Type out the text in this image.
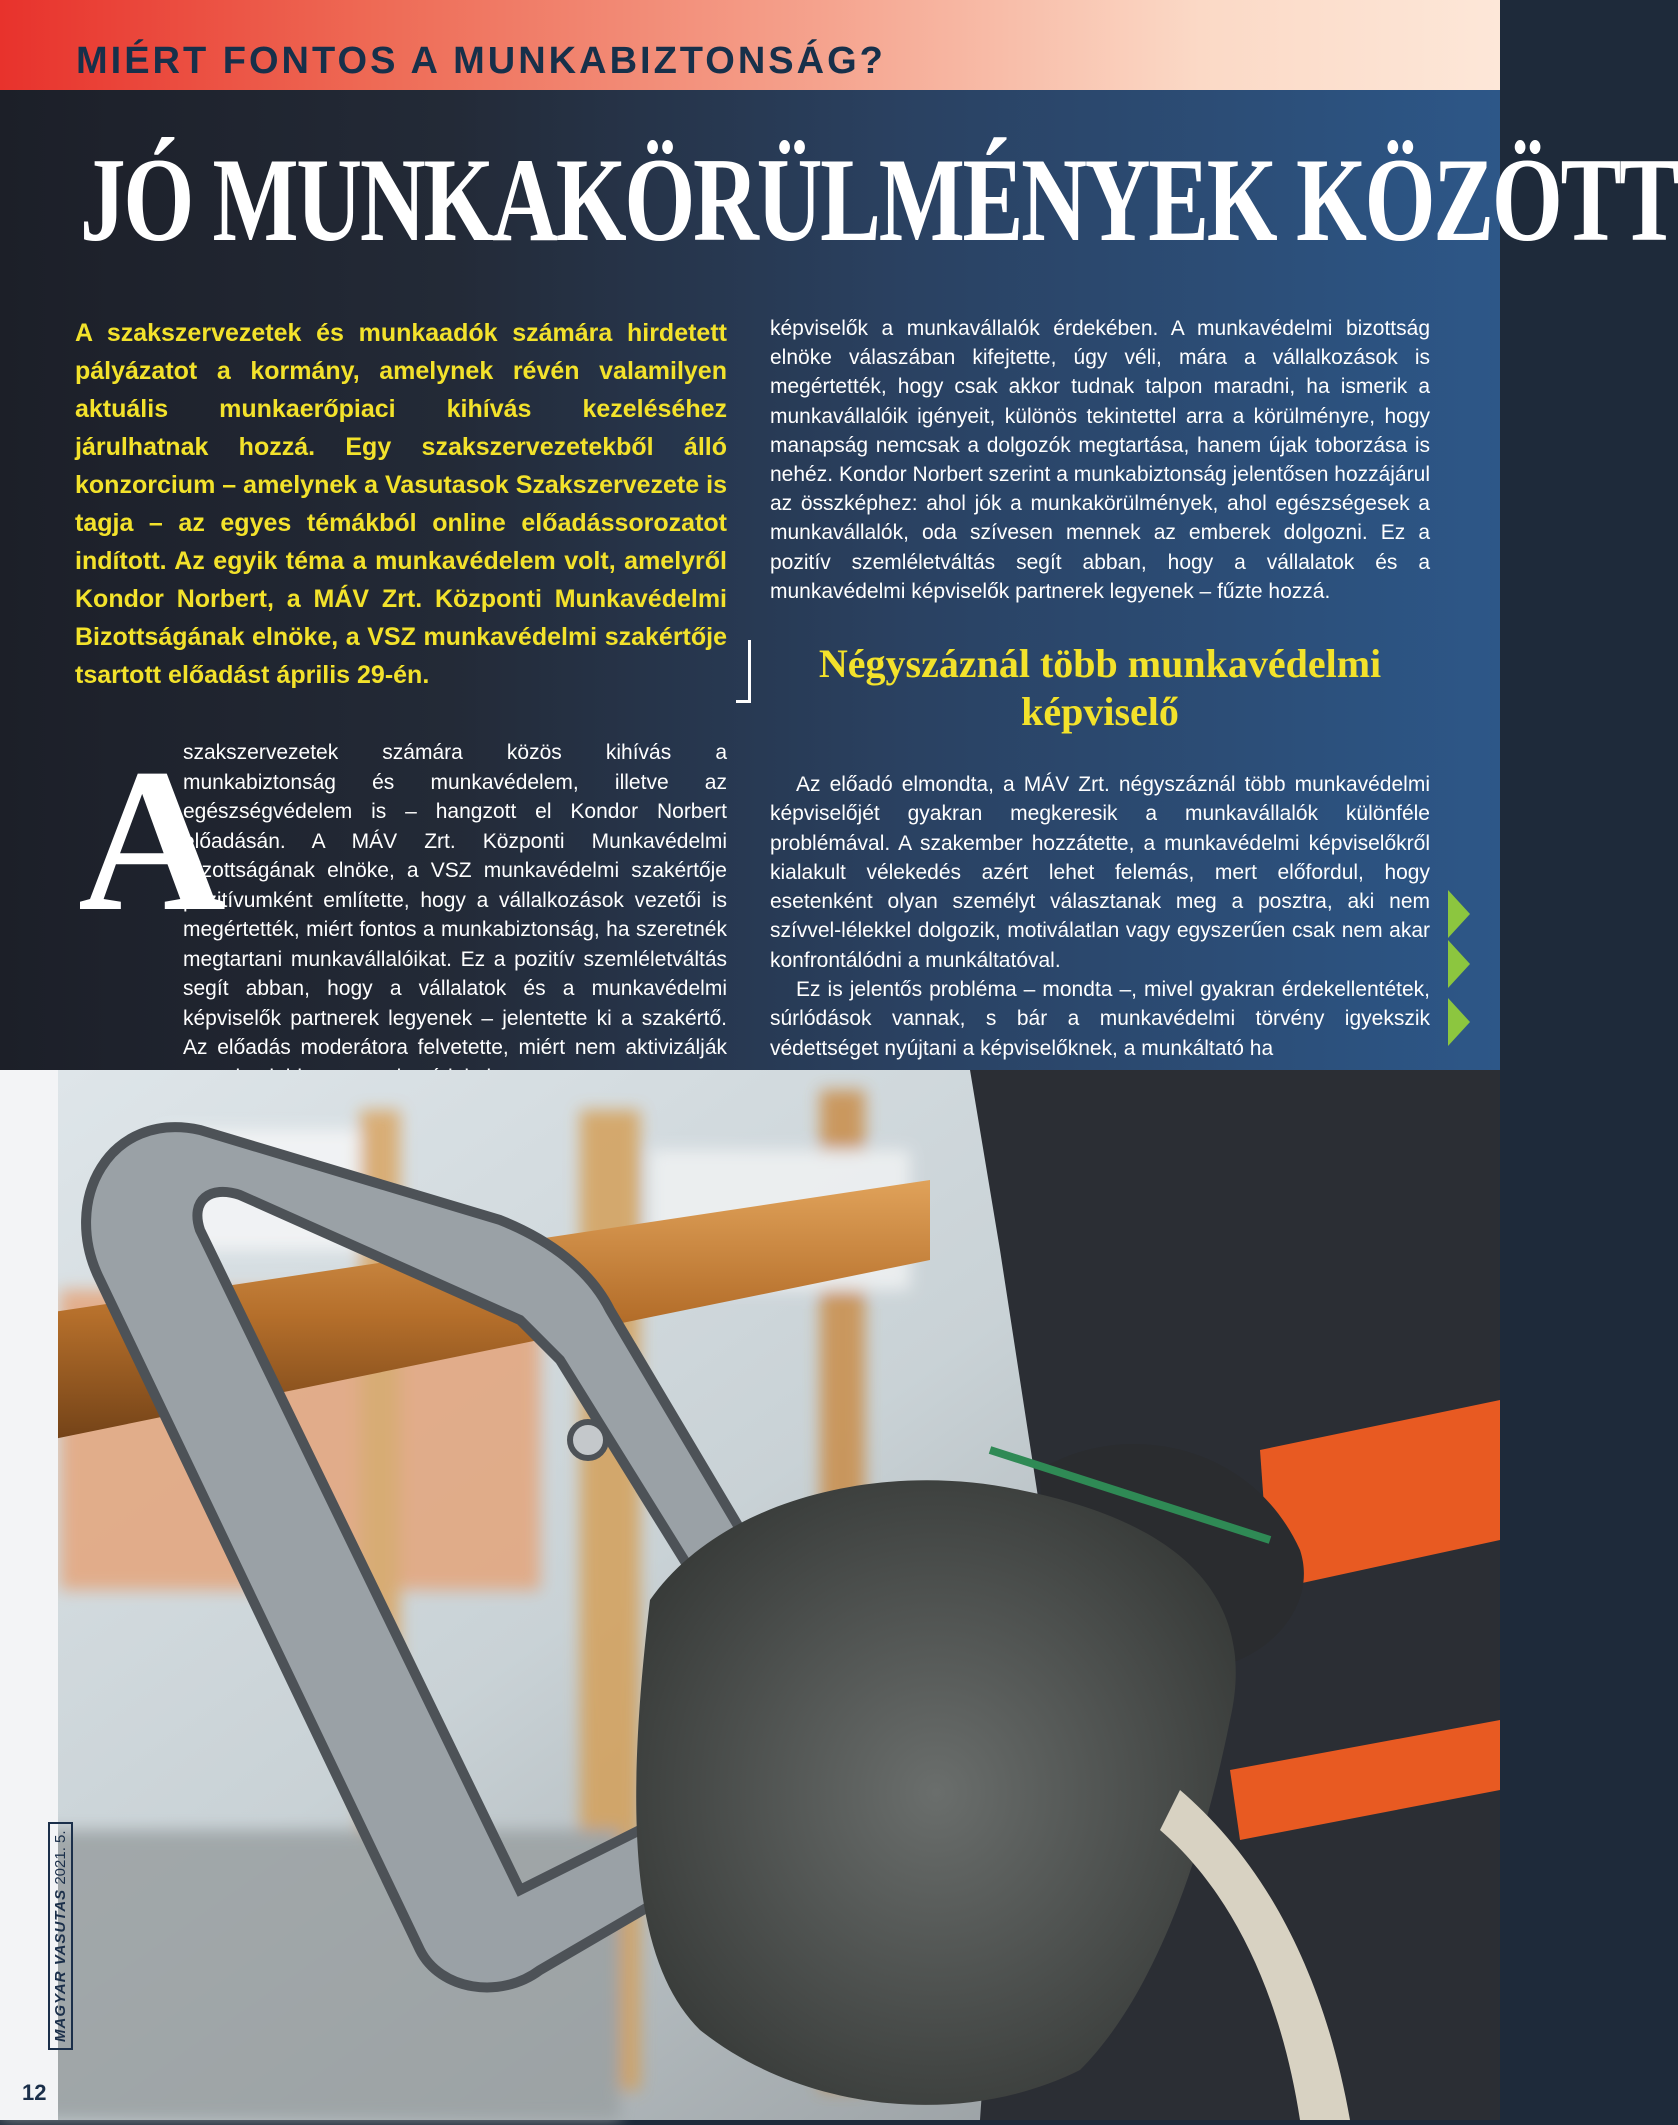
MIÉRT FONTOS A MUNKABIZTONSÁG?
JÓ MUNKAKÖRÜLMÉNYEK KÖZÖTT

A szakszervezetek és munkaadók számára hirdetett pályázatot a kormány, amelynek révén valamilyen aktuális munkaerőpiaci kihívás kezeléséhez járulhatnak hozzá. Egy szakszervezetekből álló konzorcium – amelynek a Vasutasok Szakszervezete is tagja – az egyes témákból online előadássorozatot indított. Az egyik téma a munkavédelem volt, amelyről Kondor Norbert, a MÁV Zrt. Központi Munkavédelmi Bizottságának elnöke, a VSZ munkavédelmi szakértője tsartott előadást április 29-én.

A

szakszervezetek számára közös kihívás a munkabiztonság és munkavédelem, illetve az egészségvédelem is – hangzott el Kondor Norbert előadásán. A MÁV Zrt. Központi Munkavédelmi Bizottságának elnöke, a VSZ munkavédelmi szakértője pozitívumként említette, hogy a vállalkozások vezetői is megértették, miért fontos a munkabiztonság, ha szeretnék megtartani munkavállalóikat. Ez a pozitív szemléletváltás segít abban, hogy a vállalatok és a munkavédelmi képviselők partnerek legyenek – jelentette ki a szakértő. Az előadás moderátora felvetette, miért nem aktivizálják

képviselők a munkavállalók érdekében. A munkavédelmi bizottság elnöke válaszában kifejtette, úgy véli, mára a vállalkozások is megértették, hogy csak akkor tudnak talpon maradni, ha ismerik a munkavállalóik igényeit, különös tekintettel arra a körülményre, hogy manapság nemcsak a dolgozók megtartása, hanem újak toborzása is nehéz. Kondor Norbert szerint a munkabiztonság jelentősen hozzájárul az összképhez: ahol jók a munkakörülmények, ahol egészségesek a munkavállalók, oda szívesen mennek az emberek dolgozni. Ez a pozitív szemléletváltás segít abban, hogy a vállalatok és a munkavédelmi képviselők partnerek legyenek – fűzte hozzá.

Négyszáznál több munkavédelmi képviselő

Az előadó elmondta, a MÁV Zrt. négyszáznál több munkavédelmi képviselőjét gyakran megkeresik a munkavállalók különféle problémával. A szakember hozzátette, a munkavédelmi képviselőkről kialakult vélekedés azért lehet felemás, mert előfordul, hogy esetenként olyan személyt választanak meg a posztra, aki nem szívvel-lélekkel dolgozik, motiválatlan vagy egyszerűen csak nem akar konfrontálódni a munkáltatóval.

Ez is jelentős probléma – mondta –, mivel gyakran érdekellentétek, súrlódások vannak, s bár a munkavédelmi törvény igyekszik védettséget nyújtani a képviselőknek, a munkáltató ha

MAGYAR VASUTAS 2021. 5.
12
